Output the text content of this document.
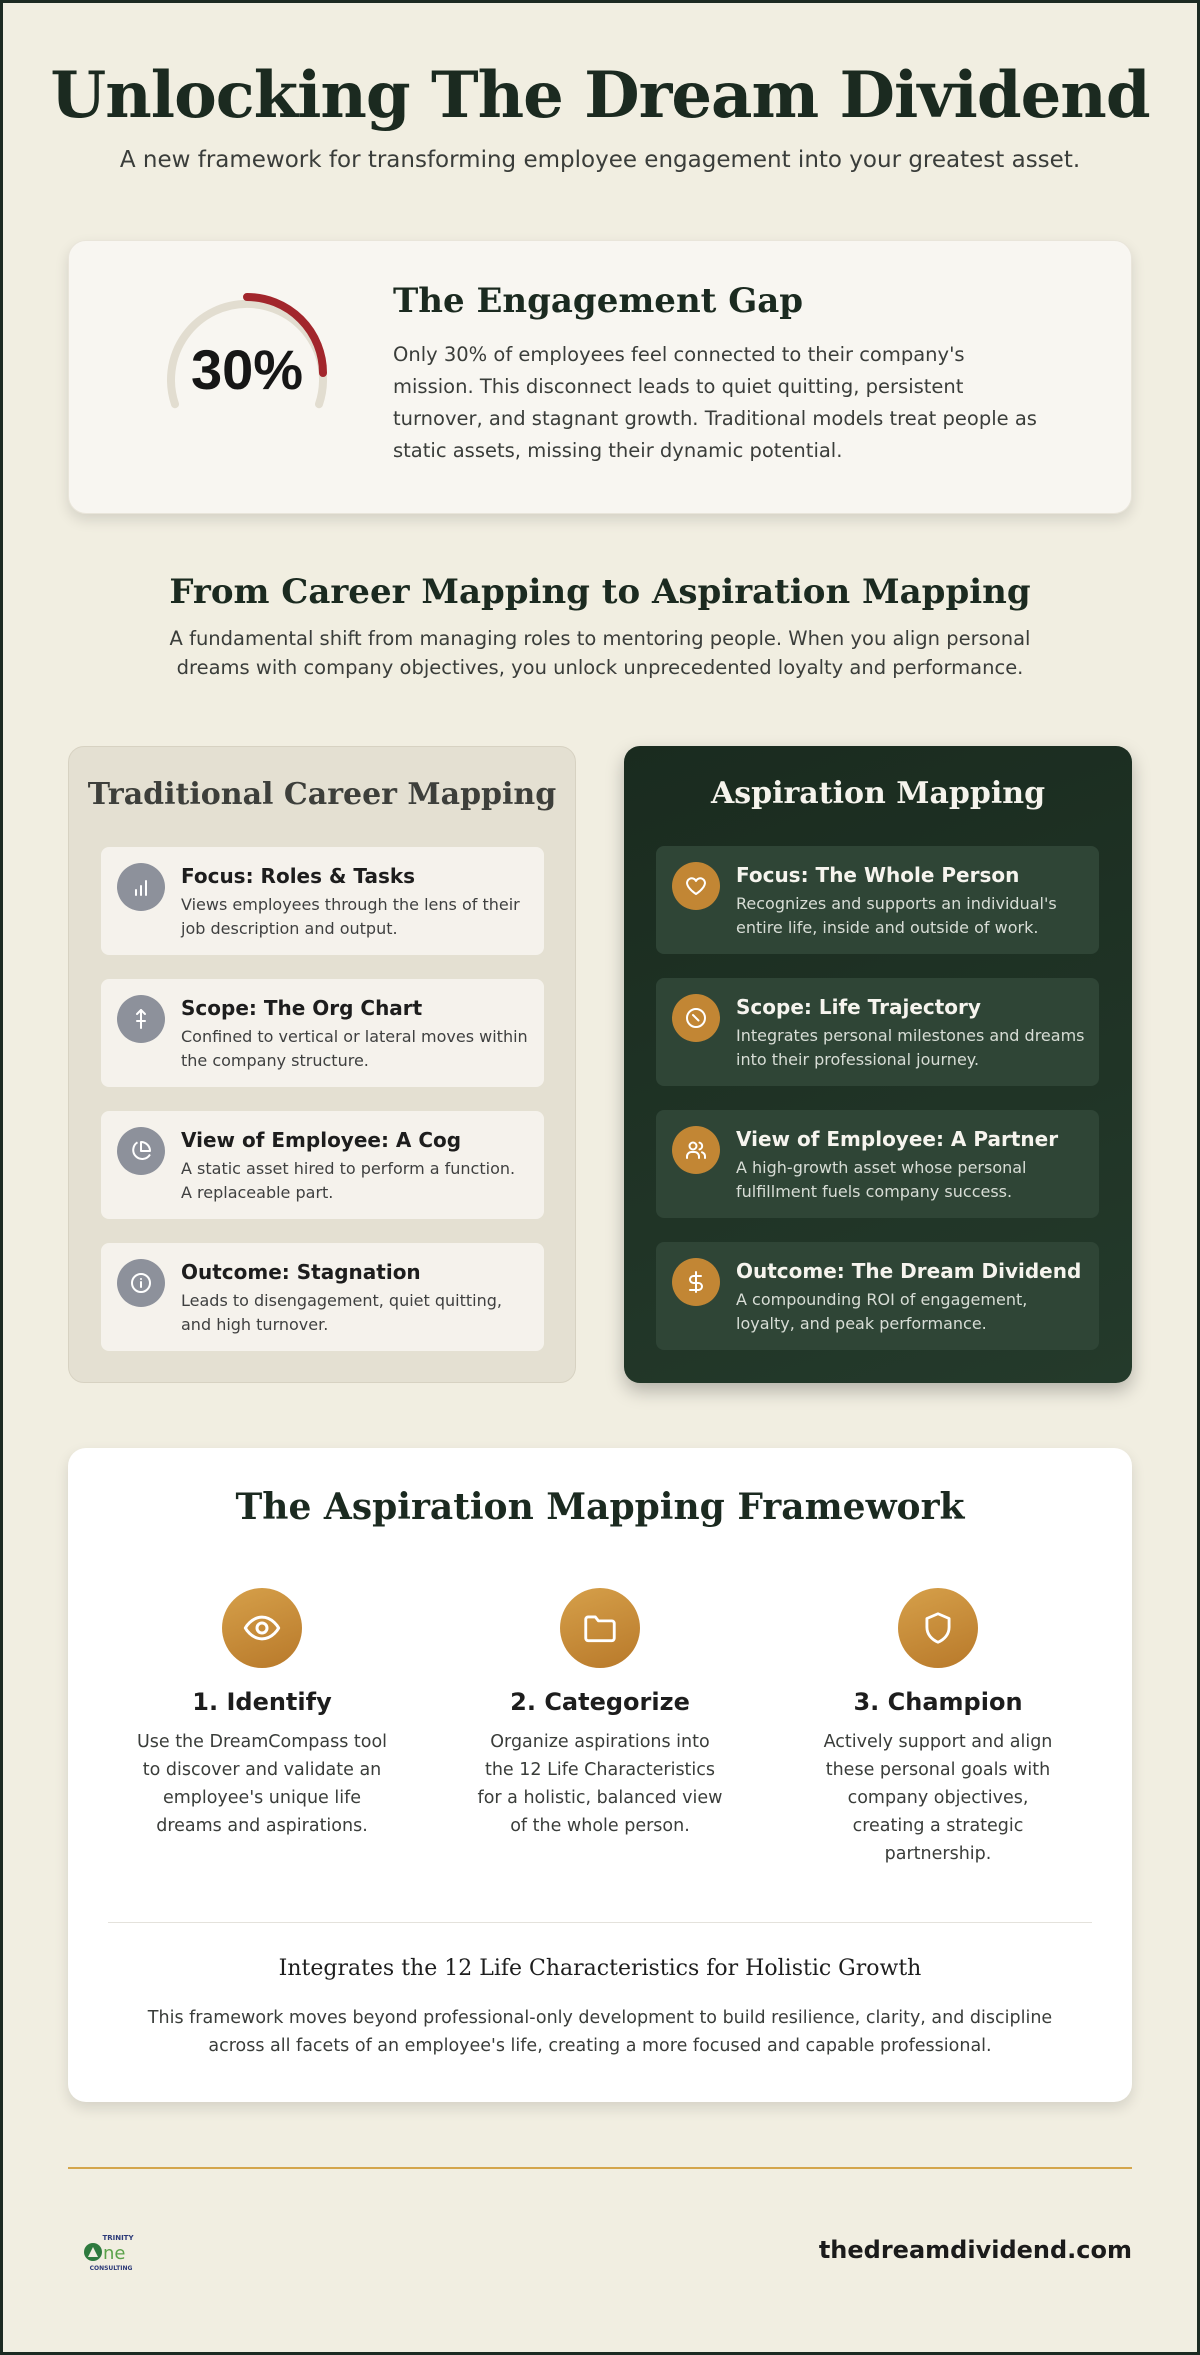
Unlocking The Dream Dividend

A new framework for transforming employee engagement into your greatest asset.

30%
The Engagement Gap

Only 30% of employees feel connected to their company's mission. This disconnect leads to quiet quitting, persistent turnover, and stagnant growth. Traditional models treat people as static assets, missing their dynamic potential.

From Career Mapping to Aspiration Mapping

A fundamental shift from managing roles to mentoring people. When you align personal dreams with company objectives, you unlock unprecedented loyalty and performance.

Traditional Career Mapping
Focus: Roles & Tasks
Views employees through the lens of their job description and output.
Scope: The Org Chart
Confined to vertical or lateral moves within the company structure.
View of Employee: A Cog
A static asset hired to perform a function. A replaceable part.
Outcome: Stagnation
Leads to disengagement, quiet quitting, and high turnover.
Aspiration Mapping
Focus: The Whole Person
Recognizes and supports an individual's entire life, inside and outside of work.
Scope: Life Trajectory
Integrates personal milestones and dreams into their professional journey.
View of Employee: A Partner
A high-growth asset whose personal fulfillment fuels company success.
Outcome: The Dream Dividend
A compounding ROI of engagement, loyalty, and peak performance.
The Aspiration Mapping Framework
1. Identify

Use the DreamCompass tool to discover and validate an employee's unique life dreams and aspirations.

2. Categorize

Organize aspirations into the 12 Life Characteristics for a holistic, balanced view of the whole person.

3. Champion

Actively support and align these personal goals with company objectives, creating a strategic partnership.

Integrates the 12 Life Characteristics for Holistic Growth

This framework moves beyond professional-only development to build resilience, clarity, and discipline across all facets of an employee's life, creating a more focused and capable professional.

TRINITY
ne
CONSULTING
thedreamdividend.com
